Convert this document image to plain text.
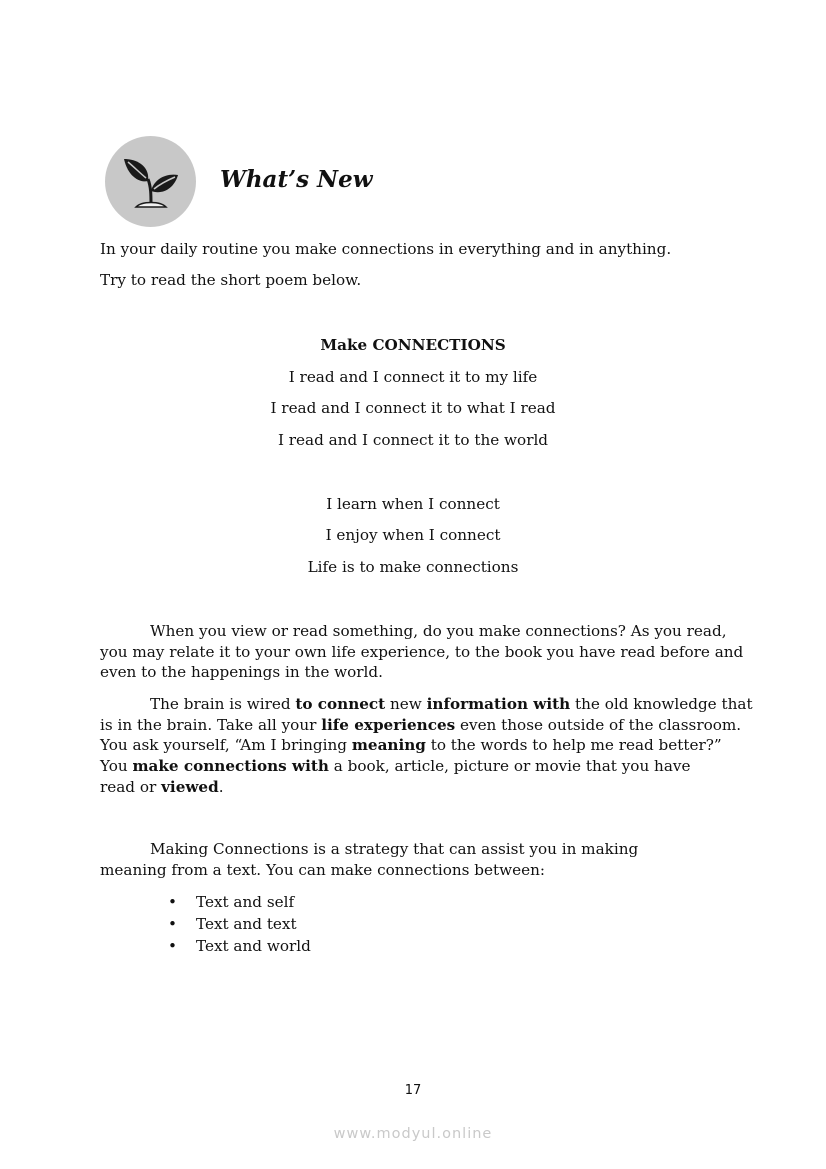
What’s New

In your daily routine you make connections in everything and in anything.

Try to read the short poem below.

Make CONNECTIONS

I read and I connect it to my life

I read and I connect it to what I read

I read and I connect it to the world

I learn when I connect

I enjoy when I connect

Life is to make connections

When you view or read something, do you make connections? As you read,
you may relate it to your own life experience, to the book you have read before and
even to the happenings in the world.
The brain is wired to connect new information with the old knowledge that
is in the brain. Take all your life experiences even those outside of the classroom.
You ask yourself, “Am I bringing meaning to the words to help me read better?”
You make connections with a book, article, picture or movie that you have
read or viewed.
Making Connections is a strategy that can assist you in making
meaning from a text. You can make connections between:
• Text and self
• Text and text
• Text and world

17

www.modyul.online
